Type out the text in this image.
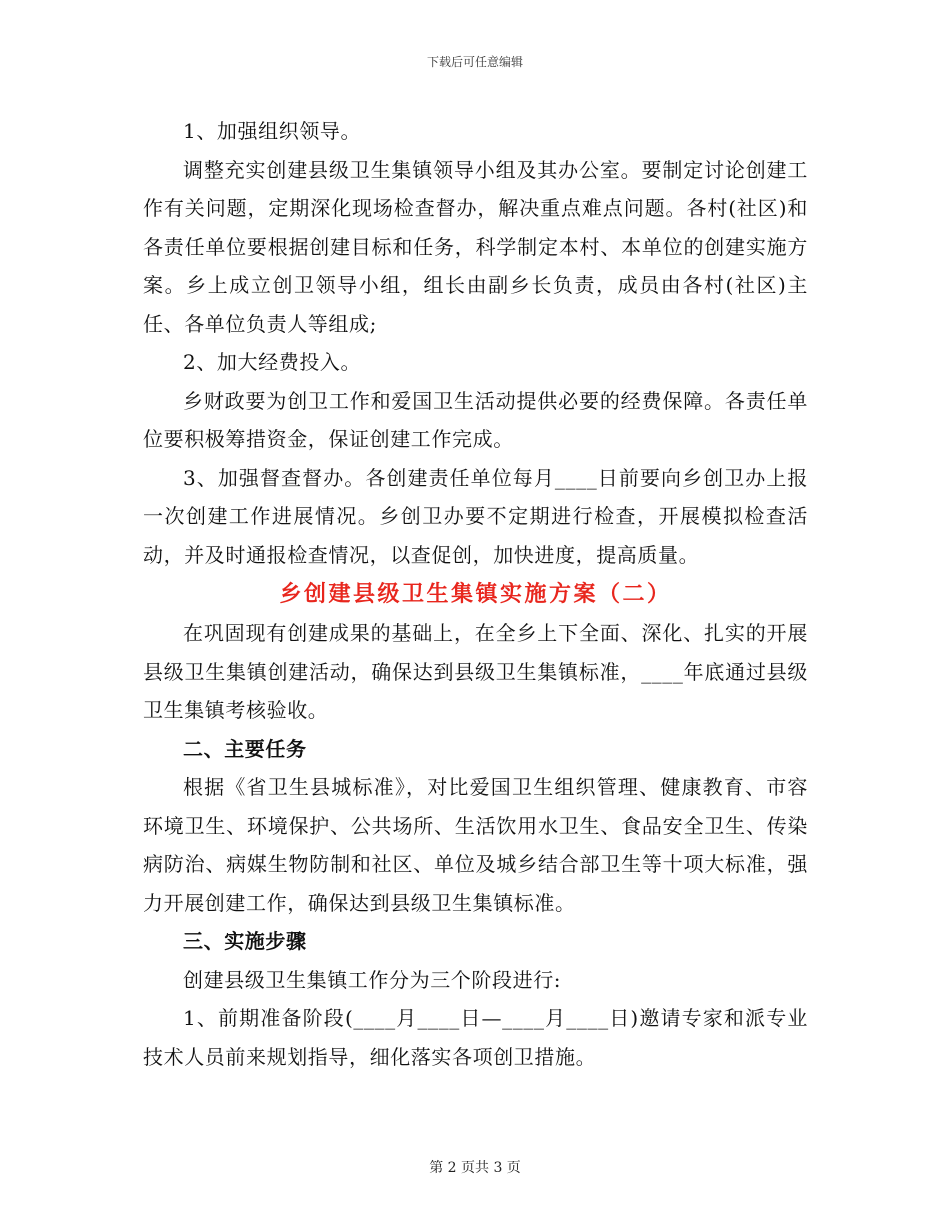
下载后可任意编辑

1、加强组织领导。

调整充实创建县级卫生集镇领导小组及其办公室。要制定讨论创建工作有关问题，定期深化现场检查督办，解决重点难点问题。各村(社区)和各责任单位要根据创建目标和任务，科学制定本村、本单位的创建实施方案。乡上成立创卫领导小组，组长由副乡长负责，成员由各村(社区)主任、各单位负责人等组成;

2、加大经费投入。

乡财政要为创卫工作和爱国卫生活动提供必要的经费保障。各责任单位要积极筹措资金，保证创建工作完成。

3、加强督查督办。各创建责任单位每月____日前要向乡创卫办上报一次创建工作进展情况。乡创卫办要不定期进行检查，开展模拟检查活动，并及时通报检查情况，以查促创，加快进度，提高质量。

乡创建县级卫生集镇实施方案（二）

在巩固现有创建成果的基础上，在全乡上下全面、深化、扎实的开展县级卫生集镇创建活动，确保达到县级卫生集镇标准，____年底通过县级卫生集镇考核验收。

二、主要任务

根据《省卫生县城标准》，对比爱国卫生组织管理、健康教育、市容环境卫生、环境保护、公共场所、生活饮用水卫生、食品安全卫生、传染病防治、病媒生物防制和社区、单位及城乡结合部卫生等十项大标准，强力开展创建工作，确保达到县级卫生集镇标准。

三、实施步骤

创建县级卫生集镇工作分为三个阶段进行:

1、前期准备阶段(____月____日—____月____日)邀请专家和派专业技术人员前来规划指导，细化落实各项创卫措施。

第 2 页共 3 页
